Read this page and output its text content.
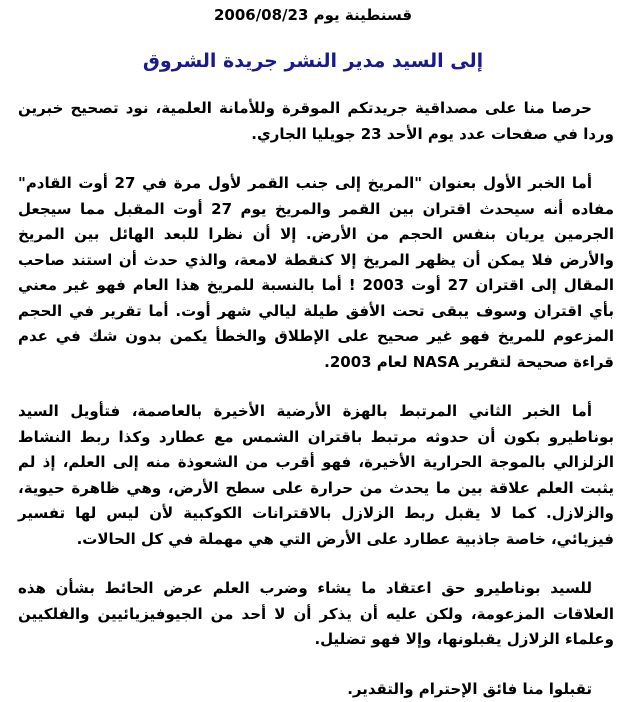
قسنطينة يوم 2006/08/23
إلى السيد مدير النشر جريدة الشروق

حرصا منا على مصداقية جريدتكم الموقرة وللأمانة العلمية، نود تصحيح خبرين وردا في صفحات عدد يوم الأحد 23 جويليا الجاري.

أما الخبر الأول بعنوان "المريخ إلى جنب القمر لأول مرة في 27 أوت القادم" مفاده أنه سيحدث اقتران بين القمر والمريخ يوم 27 أوت المقبل مما سيجعل الجرمين يريان بنفس الحجم من الأرض. إلا أن نظرا للبعد الهائل بين المريخ والأرض فلا يمكن أن يظهر المريخ إلا كنقطة لامعة، والذي حدث أن استند صاحب المقال إلى اقتران 27 أوت 2003 ! أما بالنسبة للمريخ هذا العام فهو غير معني بأي اقتران وسوف يبقى تحت الأفق طيلة ليالي شهر أوت. أما تقرير في الحجم المزعوم للمريخ فهو غير صحيح على الإطلاق والخطأ يكمن بدون شك في عدم قراءة صحيحة لتقرير NASA لعام 2003.

أما الخبر الثاني المرتبط بالهزة الأرضية الأخيرة بالعاصمة، فتأويل السيد بوناطيرو بكون أن حدوثه مرتبط باقتران الشمس مع عطارد وكذا ربط النشاط الزلزالي بالموجة الحرارية الأخيرة، فهو أقرب من الشعوذة منه إلى العلم، إذ لم يثبت العلم علاقة بين ما يحدث من حرارة على سطح الأرض، وهي ظاهرة حيوية، والزلازل. كما لا يقبل ربط الزلازل بالاقترانات الكوكبية لأن ليس لها تفسير فيزيائي، خاصة جاذبية عطارد على الأرض التي هي مهملة في كل الحالات.

للسيد بوناطيرو حق اعتقاد ما يشاء وضرب العلم عرض الحائط بشأن هذه العلاقات المزعومة، ولكن عليه أن يذكر أن لا أحد من الجيوفيزيائيين والفلكيين وعلماء الزلازل يقبلونها، وإلا فهو تضليل.

تقبلوا منا فائق الإحترام والتقدير.
